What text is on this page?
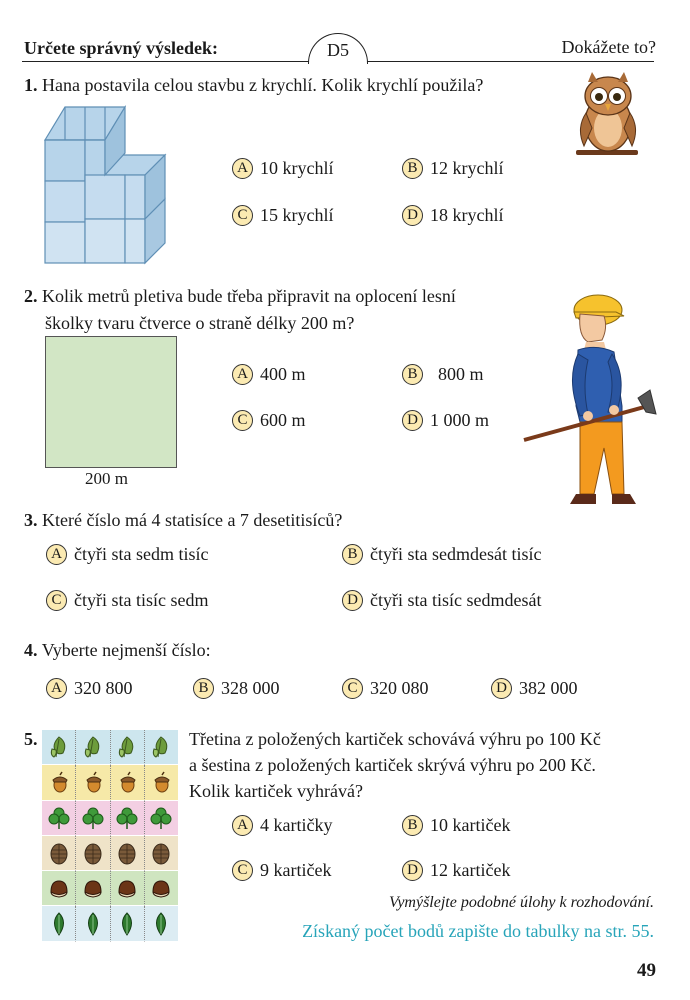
Určete správný výsledek:	D5	Dokážete to?
1. Hana postavila celou stavbu z krychlí. Kolik krychlí použila?
A 10 krychlí	B 12 krychlí
C 15 krychlí	D 18 krychlí
2. Kolik metrů pletiva bude třeba připravit na oplocení lesní
školky tvaru čtverce o straně délky 200 m?
200 m
A 400 m	B	800 m
C 600 m	D 1 000 m
3. Které číslo má 4 statisíce a 7 desetitisíců?
A čtyři sta sedm tisíc	B čtyři sta sedmdesát tisíc
C čtyři sta tisíc sedm	D čtyři sta tisíc sedmdesát
4. Vyberte nejmenší číslo:
A 320 800	B 328 000	C 320 080	D 382 000
5.	Třetina z položených kartiček schovává výhru po 100 Kč
a šestina z položených kartiček skrývá výhru po 200 Kč.
Kolik kartiček vyhrává?
A 4 kartičky	B 10 kartiček
C 9 kartiček	D 12 kartiček
Vymýšlejte podobné úlohy k rozhodování.
Získaný počet bodů zapište do tabulky na str. 55.
49
